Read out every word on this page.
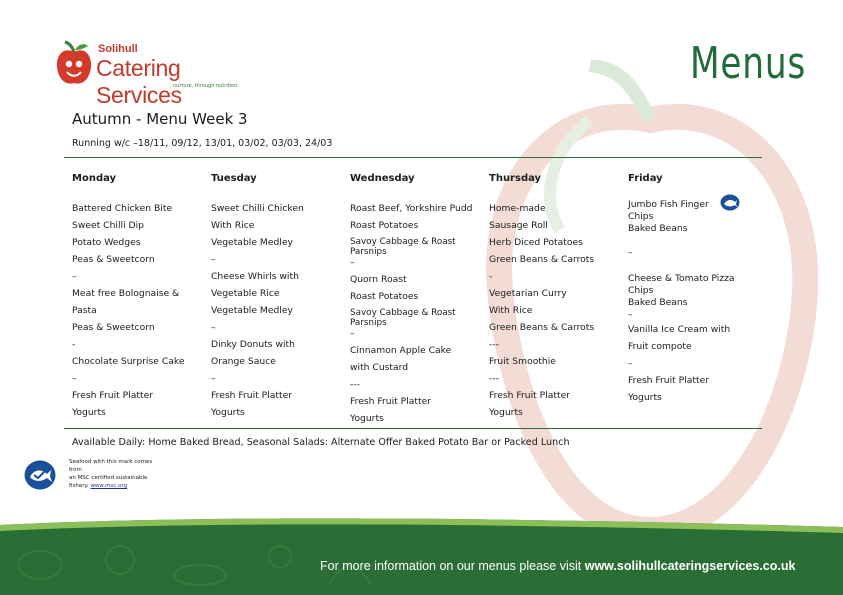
Solihull
Catering Services
nurture, through nutrition	Menus
Autumn - Menu Week 3
Running w/c –18/11, 09/12, 13/01, 03/02, 03/03, 24/03
Monday
Battered Chicken Bite
Sweet Chilli Dip
Potato Wedges
Peas & Sweetcorn
–
Meat free Bolognaise &
Pasta
Peas & Sweetcorn
-
Chocolate Surprise Cake
–
Fresh Fruit Platter
Yogurts
Tuesday
Sweet Chilli Chicken
With Rice
Vegetable Medley
–
Cheese Whirls with
Vegetable Rice
Vegetable Medley
–
Dinky Donuts with
Orange Sauce
–
Fresh Fruit Platter
Yogurts
Wednesday
Roast Beef, Yorkshire Pudd
Roast Potatoes
Savoy Cabbage & Roast Parsnips
–
Quorn Roast
Roast Potatoes
Savoy Cabbage & Roast Parsnips
–
Cinnamon Apple Cake
with Custard
---
Fresh Fruit Platter
Yogurts
Thursday
Home-made
Sausage Roll
Herb Diced Potatoes
Green Beans & Carrots
-
Vegetarian Curry
With Rice
Green Beans & Carrots
---
Fruit Smoothie
---
Fresh Fruit Platter
Yogurts
Friday
Jumbo Fish Finger
Chips
Baked Beans
–
Cheese & Tomato Pizza
Chips
Baked Beans
–
Vanilla Ice Cream with
Fruit compote
–
Fresh Fruit Platter
Yogurts
Available Daily: Home Baked Bread, Seasonal Salads: Alternate Offer Baked Potato Bar or Packed Lunch
Seafood with this mark comes from
an MSC certified sustainable
fishery. www.msc.org
For more information on our menus please visit www.solihullcateringservices.co.uk
